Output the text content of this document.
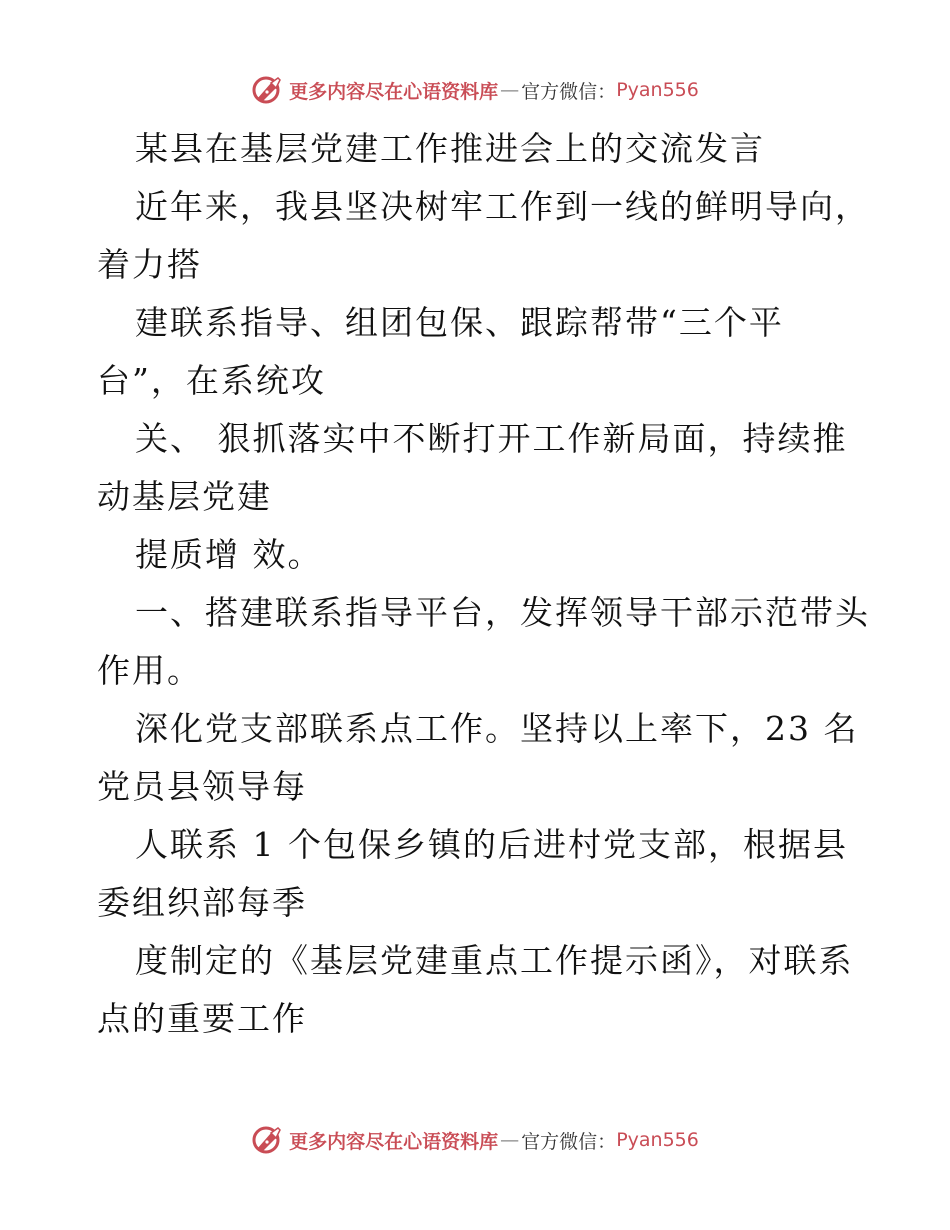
更多内容尽在心语资料库 — 官方微信： Pyan556
某县在基层党建工作推进会上的交流发言
近年来，我县坚决树牢工作到一线的鲜明导向，
着力搭
建联系指导、组团包保、跟踪帮带“三个平
台”，在系统攻
关、 狠抓落实中不断打开工作新局面，持续推
动基层党建
提质增 效。
一、搭建联系指导平台，发挥领导干部示范带头
作用。
深化党支部联系点工作。坚持以上率下，23 名
党员县领导每
人联系 1 个包保乡镇的后进村党支部，根据县
委组织部每季
度制定的《基层党建重点工作提示函》，对联系
点的重要工作
更多内容尽在心语资料库 — 官方微信： Pyan556
